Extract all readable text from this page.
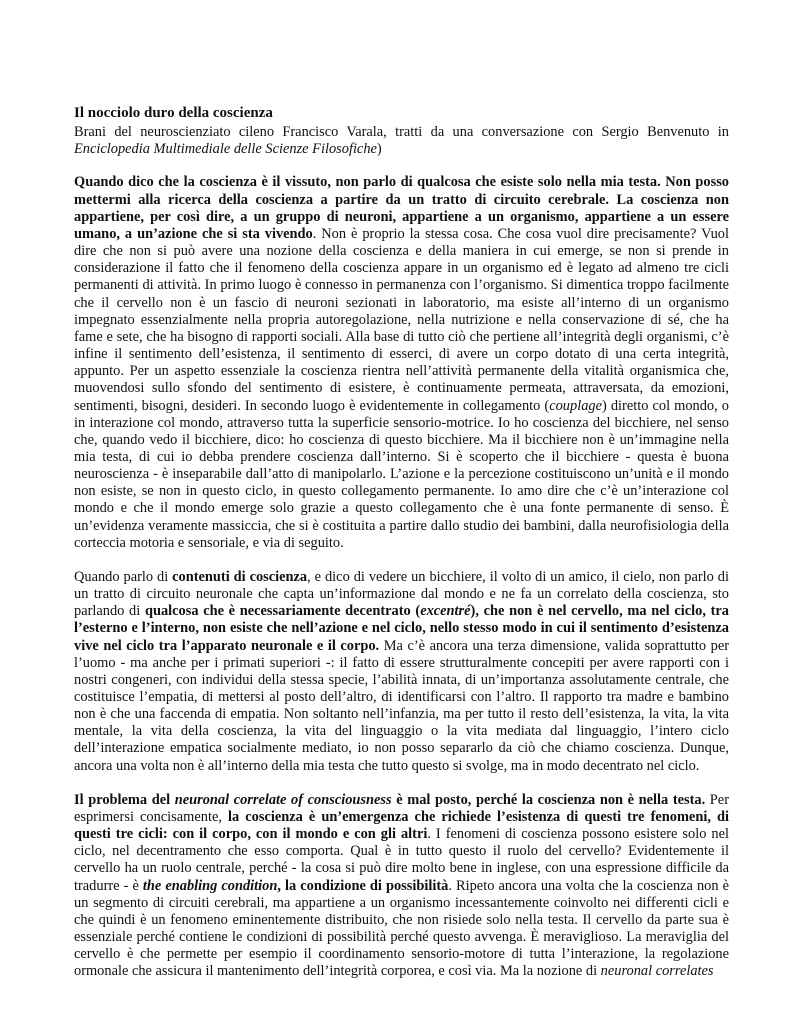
Il nocciolo duro della coscienza
Brani del neuroscienziato cileno Francisco Varala, tratti da una conversazione con Sergio Benvenuto in Enciclopedia Multimediale delle Scienze Filosofiche)

Quando dico che la coscienza è il vissuto, non parlo di qualcosa che esiste solo nella mia testa. Non posso mettermi alla ricerca della coscienza a partire da un tratto di circuito cerebrale. La coscienza non appartiene, per così dire, a un gruppo di neuroni, appartiene a un organismo, appartiene a un essere umano, a un’azione che si sta vivendo. Non è proprio la stessa cosa. Che cosa vuol dire precisamente? Vuol dire che non si può avere una nozione della coscienza e della maniera in cui emerge, se non si prende in considerazione il fatto che il fenomeno della coscienza appare in un organismo ed è legato ad almeno tre cicli permanenti di attività. In primo luogo è connesso in permanenza con l’organismo. Si dimentica troppo facilmente che il cervello non è un fascio di neuroni sezionati in laboratorio, ma esiste all’interno di un organismo impegnato essenzialmente nella propria autoregolazione, nella nutrizione e nella conservazione di sé, che ha fame e sete, che ha bisogno di rapporti sociali. Alla base di tutto ciò che pertiene all’integrità degli organismi, c’è infine il sentimento dell’esistenza, il sentimento di esserci, di avere un corpo dotato di una certa integrità, appunto. Per un aspetto essenziale la coscienza rientra nell’attività permanente della vitalità organismica che, muovendosi sullo sfondo del sentimento di esistere, è continuamente permeata, attraversata, da emozioni, sentimenti, bisogni, desideri. In secondo luogo è evidentemente in collegamento (couplage) diretto col mondo, o in interazione col mondo, attraverso tutta la superficie sensorio-motrice. Io ho coscienza del bicchiere, nel senso che, quando vedo il bicchiere, dico: ho coscienza di questo bicchiere. Ma il bicchiere non è un’immagine nella mia testa, di cui io debba prendere coscienza dall’interno. Si è scoperto che il bicchiere - questa è buona neuroscienza - è inseparabile dall’atto di manipolarlo. L’azione e la percezione costituiscono un’unità e il mondo non esiste, se non in questo ciclo, in questo collegamento permanente. Io amo dire che c’è un’interazione col mondo e che il mondo emerge solo grazie a questo collegamento che è una fonte permanente di senso. È un’evidenza veramente massiccia, che si è costituita a partire dallo studio dei bambini, dalla neurofisiologia della corteccia motoria e sensoriale, e via di seguito.

Quando parlo di contenuti di coscienza, e dico di vedere un bicchiere, il volto di un amico, il cielo, non parlo di un tratto di circuito neuronale che capta un’informazione dal mondo e ne fa un correlato della coscienza, sto parlando di qualcosa che è necessariamente decentrato (excentré), che non è nel cervello, ma nel ciclo, tra l’esterno e l’interno, non esiste che nell’azione e nel ciclo, nello stesso modo in cui il sentimento d’esistenza vive nel ciclo tra l’apparato neuronale e il corpo. Ma c’è ancora una terza dimensione, valida soprattutto per l’uomo - ma anche per i primati superiori -: il fatto di essere strutturalmente concepiti per avere rapporti con i nostri congeneri, con individui della stessa specie, l’abilità innata, di un’importanza assolutamente centrale, che costituisce l’empatia, di mettersi al posto dell’altro, di identificarsi con l’altro. Il rapporto tra madre e bambino non è che una faccenda di empatia. Non soltanto nell’infanzia, ma per tutto il resto dell’esistenza, la vita, la vita mentale, la vita della coscienza, la vita del linguaggio o la vita mediata dal linguaggio, l’intero ciclo dell’interazione empatica socialmente mediato, io non posso separarlo da ciò che chiamo coscienza. Dunque, ancora una volta non è all’interno della mia testa che tutto questo si svolge, ma in modo decentrato nel ciclo.

Il problema del neuronal correlate of consciousness è mal posto, perché la coscienza non è nella testa. Per esprimersi concisamente, la coscienza è un’emergenza che richiede l’esistenza di questi tre fenomeni, di questi tre cicli: con il corpo, con il mondo e con gli altri. I fenomeni di coscienza possono esistere solo nel ciclo, nel decentramento che esso comporta. Qual è in tutto questo il ruolo del cervello? Evidentemente il cervello ha un ruolo centrale, perché - la cosa si può dire molto bene in inglese, con una espressione difficile da tradurre - è the enabling condition, la condizione di possibilità. Ripeto ancora una volta che la coscienza non è un segmento di circuiti cerebrali, ma appartiene a un organismo incessantemente coinvolto nei differenti cicli e che quindi è un fenomeno eminentemente distribuito, che non risiede solo nella testa. Il cervello da parte sua è essenziale perché contiene le condizioni di possibilità perché questo avvenga. È meraviglioso. La meraviglia del cervello è che permette per esempio il coordinamento sensorio-motore di tutta l’interazione, la regolazione ormonale che assicura il mantenimento dell’integrità corporea, e così via. Ma la nozione di neuronal correlates
